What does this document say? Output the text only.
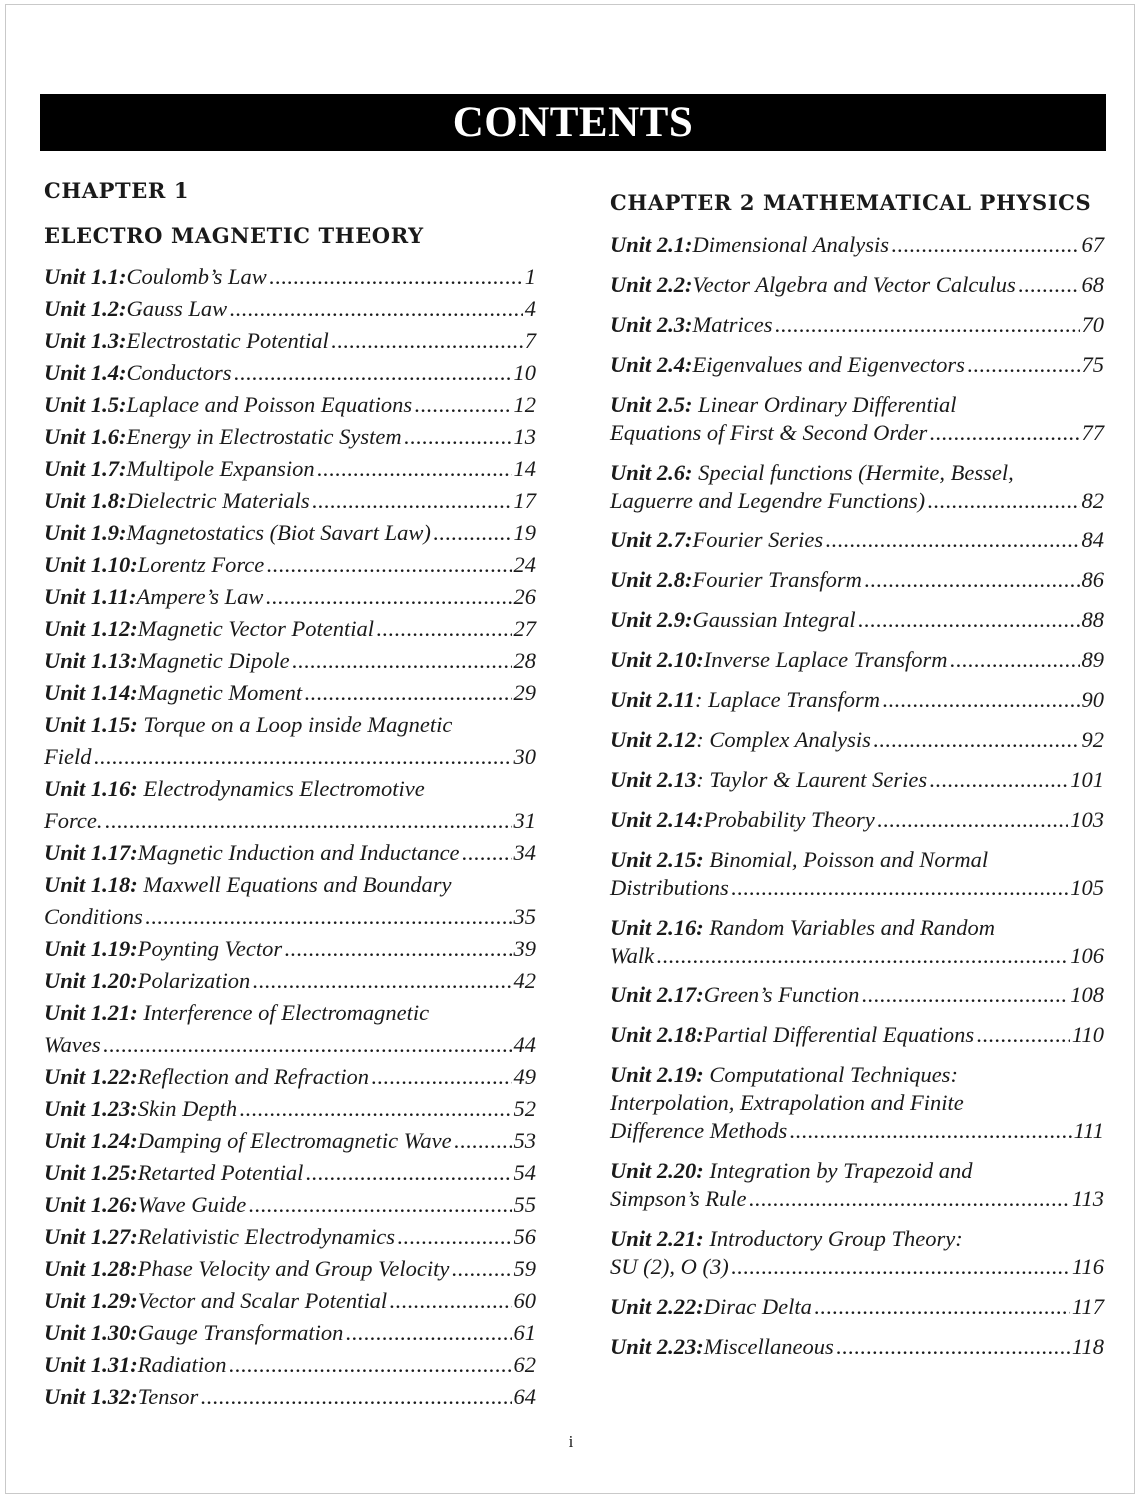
CONTENTS
CHAPTER 1
ELECTRO MAGNETIC THEORY
Unit 1.1: Coulomb’s Law . . .	1
Unit 1.2: Gauss Law . . .	4
Unit 1.3: Electrostatic Potential . . .	7
Unit 1.4: Conductors . . .	10
Unit 1.5: Laplace and Poisson Equations . . .	12
Unit 1.6: Energy in Electrostatic System . . .	13
Unit 1.7: Multipole Expansion . . .	14
Unit 1.8: Dielectric Materials . . .	17
Unit 1.9: Magnetostatics (Biot Savart Law) . . .	19
Unit 1.10: Lorentz Force . . .	24
Unit 1.11: Ampere’s Law . . .	26
Unit 1.12: Magnetic Vector Potential . . .	27
Unit 1.13: Magnetic Dipole . . .	28
Unit 1.14: Magnetic Moment . . .	29
Unit 1.15: Torque on a Loop inside Magnetic
Field . . .	30
Unit 1.16: Electrodynamics Electromotive
Force. . . .	31
Unit 1.17: Magnetic Induction and Inductance . . . 34
Unit 1.18: Maxwell Equations and Boundary
Conditions . . .	35
Unit 1.19: Poynting Vector . . .	39
Unit 1.20: Polarization . . .	42
Unit 1.21: Interference of Electromagnetic
Waves . . .	44
Unit 1.22: Reflection and Refraction . . .	49
Unit 1.23: Skin Depth . . .	52
Unit 1.24: Damping of Electromagnetic Wave . . .	53
Unit 1.25: Retarted Potential . . .	54
Unit 1.26: Wave Guide . . .	55
Unit 1.27: Relativistic Electrodynamics . . .	56
Unit 1.28: Phase Velocity and Group Velocity . . .	59
Unit 1.29: Vector and Scalar Potential . . .	60
Unit 1.30: Gauge Transformation . . .	61
Unit 1.31: Radiation . . .	62
Unit 1.32: Tensor . . .	64
CHAPTER 2 MATHEMATICAL PHYSICS
Unit 2.1: Dimensional Analysis . . .	67
Unit 2.2: Vector Algebra and Vector Calculus . . .	68
Unit 2.3: Matrices . . .	70
Unit 2.4: Eigenvalues and Eigenvectors . . .	75
Unit 2.5: Linear Ordinary Differential
Equations of First & Second Order . . .	77
Unit 2.6: Special functions (Hermite, Bessel,
Laguerre and Legendre Functions) . . .	82
Unit 2.7: Fourier Series . . .	84
Unit 2.8: Fourier Transform . . .	86
Unit 2.9: Gaussian Integral . . .	88
Unit 2.10: Inverse Laplace Transform . . .	89
Unit 2.11 : Laplace Transform . . .	90
Unit 2.12 : Complex Analysis . . .	92
Unit 2.13 : Taylor & Laurent Series . . .	101
Unit 2.14: Probability Theory . . .	103
Unit 2.15: Binomial, Poisson and Normal
Distributions . . .	105
Unit 2.16: Random Variables and Random
Walk . . .	106
Unit 2.17: Green’s Function . . .	108
Unit 2.18: Partial Differential Equations . . .	110
Unit 2.19: Computational Techniques:
Interpolation, Extrapolation and Finite
Difference Methods . . .	111
Unit 2.20: Integration by Trapezoid and
Simpson’s Rule . . .	113
Unit 2.21: Introductory Group Theory:
SU (2), O (3) . . .	116
Unit 2.22: Dirac Delta . . .	117
Unit 2.23: Miscellaneous . . .	118
i
